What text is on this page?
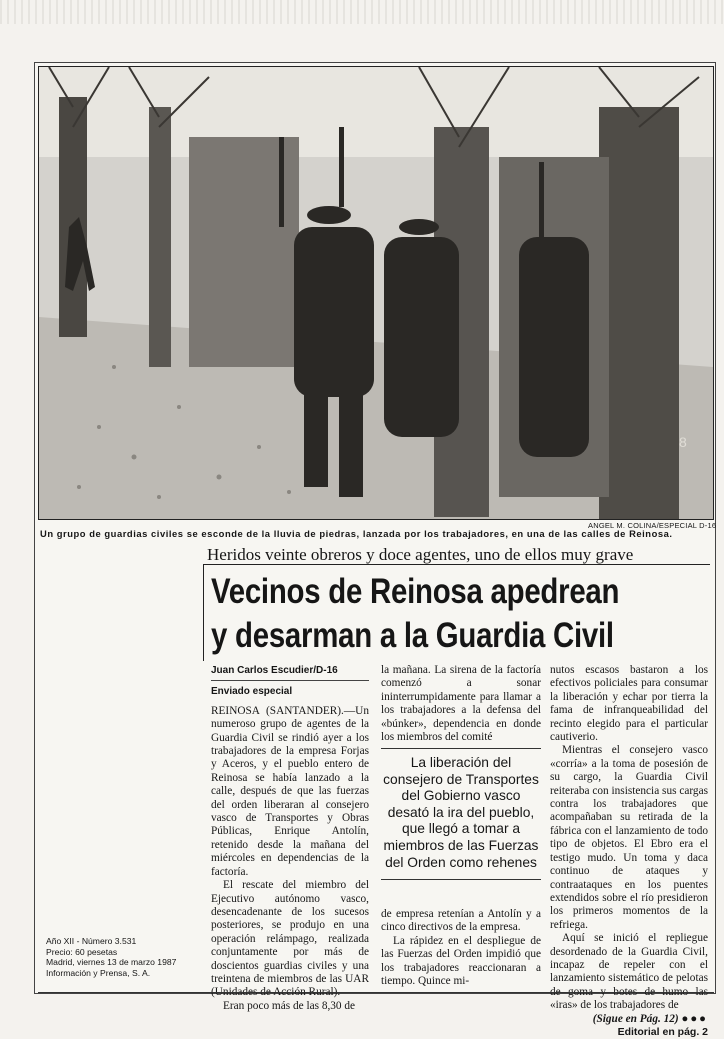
8
ANGEL M. COLINA/ESPECIAL D-16
Un grupo de guardias civiles se esconde de la lluvia de piedras, lanzada por los trabajadores, en una de las calles de Reinosa.
Heridos veinte obreros y doce agentes, uno de ellos muy grave
Vecinos de Reinosa apedrean
y desarman a la Guardia Civil

Juan Carlos Escudier/D-16

Enviado especial

REINOSA (SANTANDER).—Un numeroso grupo de agentes de la Guardia Civil se rindió ayer a los trabajadores de la empresa Forjas y Aceros, y el pueblo entero de Reinosa se había lanzado a la calle, después de que las fuerzas del orden liberaran al consejero vasco de Transportes y Obras Públicas, Enrique Antolín, retenido desde la mañana del miércoles en dependencias de la factoría.

El rescate del miembro del Ejecutivo autónomo vasco, desencadenante de los sucesos posteriores, se produjo en una operación relámpago, realizada conjuntamente por más de doscientos guardias civiles y una treintena de miembros de las UAR (Unidades de Acción Rural).

Eran poco más de las 8,30 de

la mañana. La sirena de la factoría comenzó a sonar ininterrumpidamente para llamar a los trabajadores a la defensa del «búnker», dependencia en donde los miembros del comité

La liberación del consejero de Transportes del Gobierno vasco desató la ira del pueblo, que llegó a tomar a miembros de las Fuerzas del Orden como rehenes

de empresa retenían a Antolín y a cinco directivos de la empresa.

La rápidez en el despliegue de las Fuerzas del Orden impidió que los trabajadores reaccionaran a tiempo. Quince mi-

nutos escasos bastaron a los efectivos policiales para consumar la liberación y echar por tierra la fama de infranqueabilidad del recinto elegido para el particular cautiverio.

Mientras el consejero vasco «corría» a la toma de posesión de su cargo, la Guardia Civil reiteraba con insistencia sus cargas contra los trabajadores que acompañaban su retirada de la fábrica con el lanzamiento de todo tipo de objetos. El Ebro era el testigo mudo. Un toma y daca continuo de ataques y contraataques en los puentes extendidos sobre el río presidieron los primeros momentos de la refriega.

Aquí se inició el repliegue desordenado de la Guardia Civil, incapaz de repeler con el lanzamiento sistemático de pelotas de goma y botes de humo las «iras» de los trabajadores de

(Sigue en Pág. 12) ●●●

Editorial en pág. 2

Año XII - Número 3.531
Precio: 60 pesetas
Madrid, viernes 13 de marzo 1987
Información y Prensa, S. A.
